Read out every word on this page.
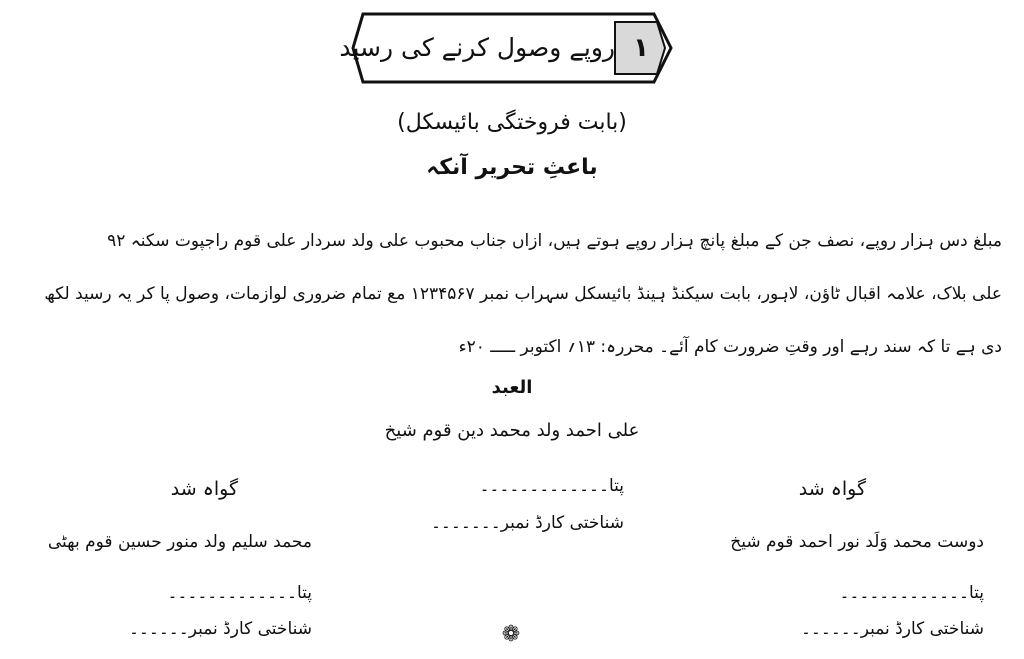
روپے وصول کرنے کی رسید ۱
(بابت فروختگی بائیسکل)
باعثِ تحریر آنکہ
مبلغ دس ہزار روپے، نصف جن کے مبلغ پانچ ہزار روپے ہوتے ہیں، ازاں جناب محبوب علی ولد سردار علی قوم راجپوت سکنہ ۹۲
علی بلاک، علامہ اقبال ٹاؤن، لاہور، بابت سیکنڈ ہینڈ بائیسکل سہراب نمبر ۱۲۳۴۵۶۷ مع تمام ضروری لوازمات، وصول پا کر یہ رسید لکھ
دی ہے تا کہ سند رہے اور وقتِ ضرورت کام آئے۔ محررہ: ۱۳؍ اکتوبر ـــــ ۲۰ء
العبد
علی احمد ولد محمد دین قوم شیخ
پتا۔۔۔۔۔۔۔۔۔۔۔۔۔
شناختی کارڈ نمبر۔۔۔۔۔۔۔
گواہ شد
دوست محمد وَلَد نور احمد قوم شیخ
پتا۔۔۔۔۔۔۔۔۔۔۔۔۔
شناختی کارڈ نمبر۔۔۔۔۔۔
گواہ شد
محمد سلیم ولد منور حسین قوم بھٹی
پتا۔۔۔۔۔۔۔۔۔۔۔۔۔
شناختی کارڈ نمبر۔۔۔۔۔۔	❁
